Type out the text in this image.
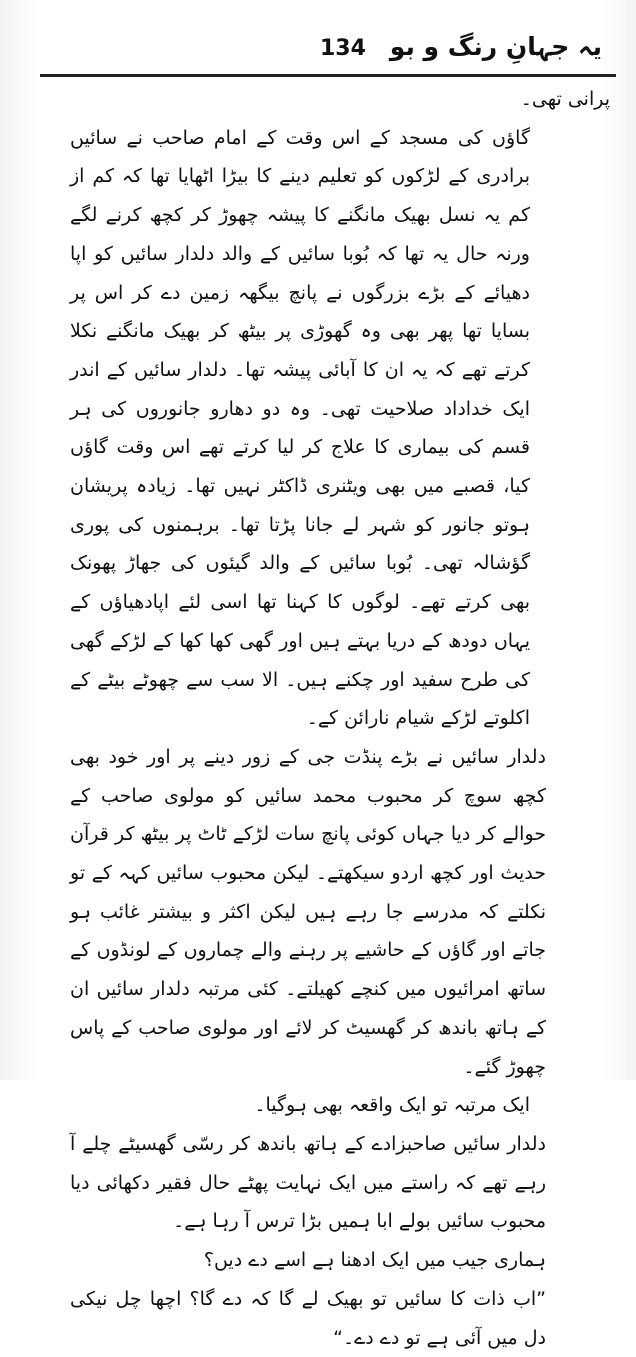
134 یہ جہانِ رنگ و بو

پرانی تھی۔

گاؤں کی مسجد کے اس وقت کے امام صاحب نے سائیں برادری کے لڑکوں کو تعلیم دینے کا بیڑا اٹھایا تھا کہ کم از کم یہ نسل بھیک مانگنے کا پیشہ چھوڑ کر کچھ کرنے لگے ورنہ حال یہ تھا کہ بُوبا سائیں کے والد دلدار سائیں کو اپا دھیائے کے بڑے بزرگوں نے پانچ بیگھہ زمین دے کر اس پر بسایا تھا پھر بھی وہ گھوڑی پر بیٹھ کر بھیک مانگنے نکلا کرتے تھے کہ یہ ان کا آبائی پیشہ تھا۔ دلدار سائیں کے اندر ایک خداداد صلاحیت تھی۔ وہ دو دھارو جانوروں کی ہر قسم کی بیماری کا علاج کر لیا کرتے تھے اس وقت گاؤں کیا، قصبے میں بھی ویٹنری ڈاکٹر نہیں تھا۔ زیادہ پریشان ہوتو جانور کو شہر لے جانا پڑتا تھا۔ برہمنوں کی پوری گؤشالہ تھی۔ بُوبا سائیں کے والد گیئوں کی جھاڑ پھونک بھی کرتے تھے۔ لوگوں کا کہنا تھا اسی لئے اپادھیاؤں کے یہاں دودھ کے دریا بہتے ہیں اور گھی کھا کھا کے لڑکے گھی کی طرح سفید اور چکنے ہیں۔ الا سب سے چھوٹے بیٹے کے اکلوتے لڑکے شیام نارائن کے۔

دلدار سائیں نے بڑے پنڈت جی کے زور دینے پر اور خود بھی کچھ سوچ کر محبوب محمد سائیں کو مولوی صاحب کے حوالے کر دیا جہاں کوئی پانچ سات لڑکے ٹاٹ پر بیٹھ کر قرآن حدیث اور کچھ اردو سیکھتے۔ لیکن محبوب سائیں کہہ کے تو نکلتے کہ مدرسے جا رہے ہیں لیکن اکثر و بیشتر غائب ہو جاتے اور گاؤں کے حاشیے پر رہنے والے چماروں کے لونڈوں کے ساتھ امرائیوں میں کنچے کھیلتے۔ کئی مرتبہ دلدار سائیں ان کے ہاتھ باندھ کر گھسیٹ کر لائے اور مولوی صاحب کے پاس چھوڑ گئے۔

ایک مرتبہ تو ایک واقعہ بھی ہوگیا۔

دلدار سائیں صاحبزادے کے ہاتھ باندھ کر رسّی گھسیٹے چلے آ رہے تھے کہ راستے میں ایک نہایت پھٹے حال فقیر دکھائی دیا محبوب سائیں بولے ابا ہمیں بڑا ترس آ رہا ہے۔

ہماری جیب میں ایک ادھنا ہے اسے دے دیں؟

”اب ذات کا سائیں تو بھیک لے گا کہ دے گا؟ اچھا چل نیکی دل میں آئی ہے تو دے دے۔“
